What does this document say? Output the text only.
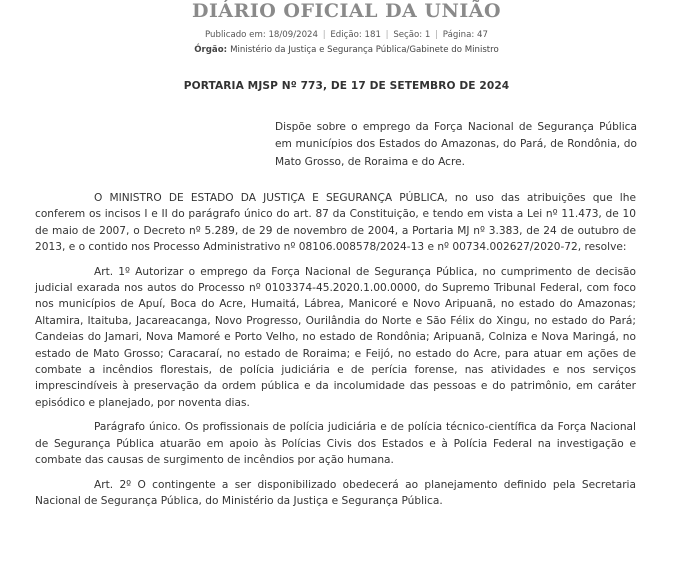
DIÁRIO OFICIAL DA UNIÃO
Publicado em: 18/09/2024 | Edição: 181 | Seção: 1 | Página: 47
Órgão: Ministério da Justiça e Segurança Pública/Gabinete do Ministro
PORTARIA MJSP Nº 773, DE 17 DE SETEMBRO DE 2024
Dispõe sobre o emprego da Força Nacional de Segurança Pública em municípios dos Estados do Amazonas, do Pará, de Rondônia, do Mato Grosso, de Roraima e do Acre.

O MINISTRO DE ESTADO DA JUSTIÇA E SEGURANÇA PÚBLICA, no uso das atribuições que lhe conferem os incisos I e II do parágrafo único do art. 87 da Constituição, e tendo em vista a Lei nº 11.473, de 10 de maio de 2007, o Decreto nº 5.289, de 29 de novembro de 2004, a Portaria MJ nº 3.383, de 24 de outubro de 2013, e o contido nos Processo Administrativo nº 08106.008578/2024-13 e nº 00734.002627/2020-72, resolve:

Art. 1º Autorizar o emprego da Força Nacional de Segurança Pública, no cumprimento de decisão judicial exarada nos autos do Processo nº 0103374-45.2020.1.00.0000, do Supremo Tribunal Federal, com foco nos municípios de Apuí, Boca do Acre, Humaitá, Lábrea, Manicoré e Novo Aripuanã, no estado do Amazonas; Altamira, Itaituba, Jacareacanga, Novo Progresso, Ourilândia do Norte e São Félix do Xingu, no estado do Pará; Candeias do Jamari, Nova Mamoré e Porto Velho, no estado de Rondônia; Aripuanã, Colniza e Nova Maringá, no estado de Mato Grosso; Caracaraí, no estado de Roraima; e Feijó, no estado do Acre, para atuar em ações de combate a incêndios florestais, de polícia judiciária e de perícia forense, nas atividades e nos serviços imprescindíveis à preservação da ordem pública e da incolumidade das pessoas e do patrimônio, em caráter episódico e planejado, por noventa dias.

Parágrafo único. Os profissionais de polícia judiciária e de polícia técnico-científica da Força Nacional de Segurança Pública atuarão em apoio às Polícias Civis dos Estados e à Polícia Federal na investigação e combate das causas de surgimento de incêndios por ação humana.

Art. 2º O contingente a ser disponibilizado obedecerá ao planejamento definido pela Secretaria Nacional de Segurança Pública, do Ministério da Justiça e Segurança Pública.
